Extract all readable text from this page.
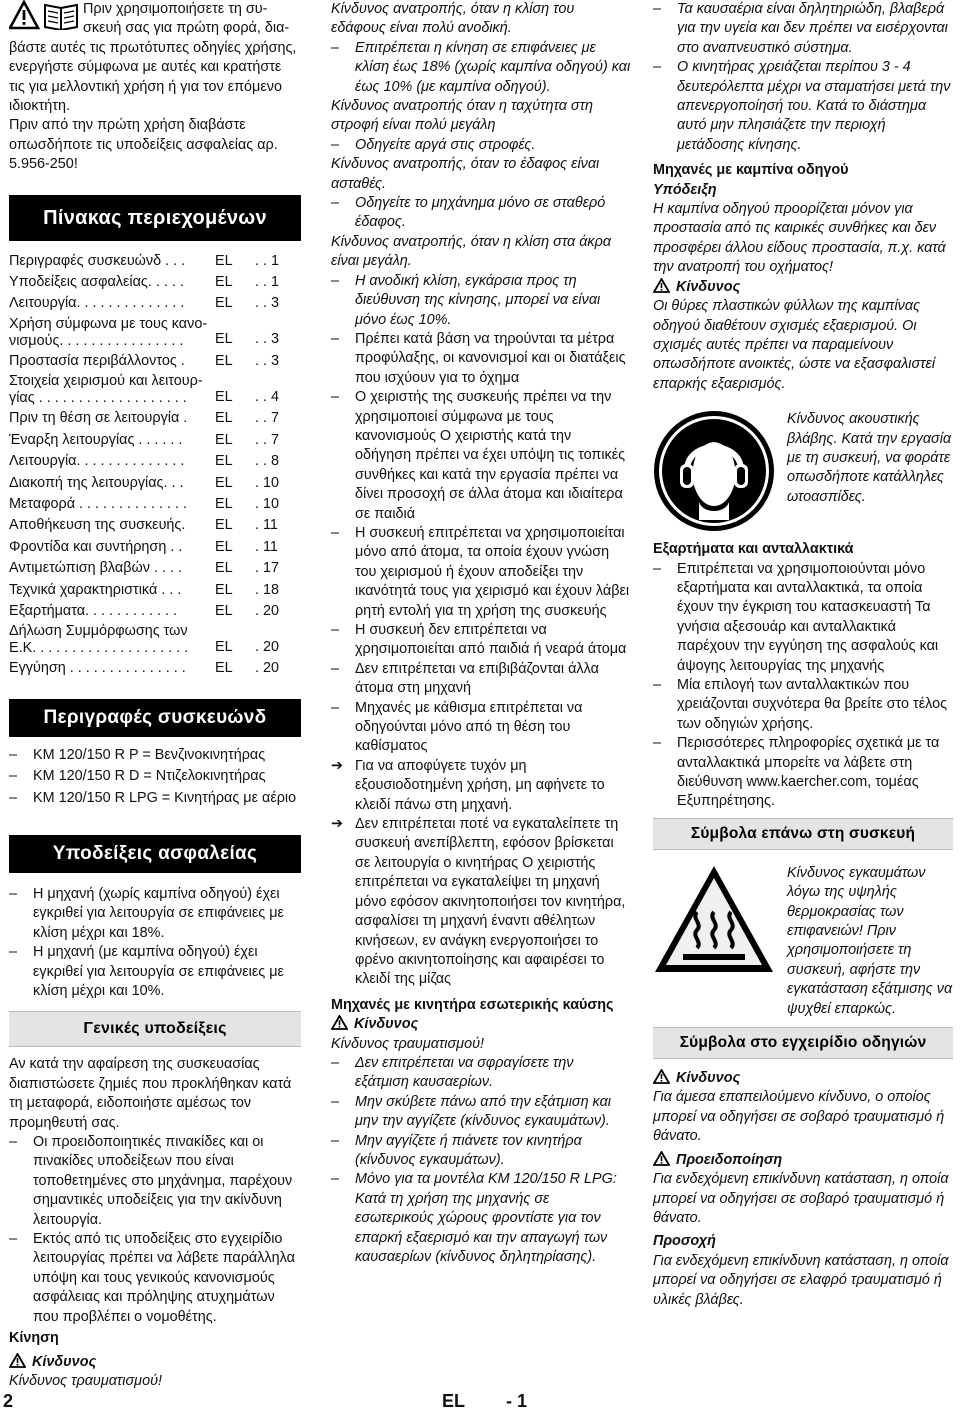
Πριν χρησιμοποιήσετε τη συ-

σκευή σας για πρώτη φορά, δια-

βάστε αυτές τις πρωτότυπες οδηγίες χρήσης, ενεργήστε σύμφωνα με αυτές και κρατήστε τις για μελλοντική χρήση ή για τον επόμενο ιδιοκτήτη.

Πριν από την πρώτη χρήση διαβάστε οπωσδήποτε τις υποδείξεις ασφαλείας αρ. 5.956-250!

Πίνακας περιεχομένων
Περιγραφές συσκευώνδ . . .	EL	. . 1
Υποδείξεις ασφαλείας. . . . .	EL	. . 1
Λειτουργία. . . . . . . . . . . . . .	EL	. . 3
Χρήση σύμφωνα με τους κανο-
νισμούς. . . . . . . . . . . . . . . .	EL	. . 3
Προστασία περιβάλλοντος .	EL	. . 3
Στοιχεία χειρισμού και λειτουρ-
γίας . . . . . . . . . . . . . . . . . . .	EL	. . 4
Πριν τη θέση σε λειτουργία .	EL	. . 7
Έναρξη λειτουργίας . . . . . .	EL	. . 7
Λειτουργία. . . . . . . . . . . . . .	EL	. . 8
Διακοπή της λειτουργίας. . .	EL	. 10
Μεταφορά . . . . . . . . . . . . . .	EL	. 10
Αποθήκευση της συσκευής.	EL	. 11
Φροντίδα και συντήρηση . .	EL	. 11
Αντιμετώπιση βλαβών . . . .	EL	. 17
Τεχνικά χαρακτηριστικά . . .	EL	. 18
Εξαρτήματα. . . . . . . . . . . .	EL	. 20
Δήλωση Συμμόρφωσης των
Ε.Κ. . . . . . . . . . . . . . . . . . . .	EL	. 20
Εγγύηση . . . . . . . . . . . . . . .	EL	. 20
Περιγραφές συσκευώνδ

– KM 120/150 R P = Βενζινοκινητήρας

– KM 120/150 R D = Ντιζελοκινητήρας

– KM 120/150 R LPG = Κινητήρας με αέριο

Υποδείξεις ασφαλείας

– Η μηχανή (χωρίς καμπίνα οδηγού) έχει εγκριθεί για λειτουργία σε επιφάνειες με κλίση μέχρι και 18%.

– Η μηχανή (με καμπίνα οδηγού) έχει εγκριθεί για λειτουργία σε επιφάνειες με κλίση μέχρι και 10%.

Γενικές υποδείξεις

Αν κατά την αφαίρεση της συσκευασίας διαπιστώσετε ζημιές που προκλήθηκαν κατά τη μεταφορά, ειδοποιήστε αμέσως τον προμηθευτή σας.

– Οι προειδοποιητικές πινακίδες και οι πινακίδες υποδείξεων που είναι τοποθετημένες στο μηχάνημα, παρέχουν σημαντικές υποδείξεις για την ακίνδυνη λειτουργία.

– Εκτός από τις υποδείξεις στο εγχειρίδιο λειτουργίας πρέπει να λάβετε παράλληλα υπόψη και τους γενικούς κανονισμούς ασφάλειας και πρόληψης ατυχημάτων που προβλέπει ο νομοθέτης.

Κίνηση

Κίνδυνος

Κίνδυνος τραυματισμού!

Κίνδυνος ανατροπής, όταν η κλίση του εδάφους είναι πολύ ανοδική.

– Επιτρέπεται η κίνηση σε επιφάνειες με κλίση έως 18% (χωρίς καμπίνα οδηγού) και έως 10% (με καμπίνα οδηγού).

Κίνδυνος ανατροπής όταν η ταχύτητα στη στροφή είναι πολύ μεγάλη

– Οδηγείτε αργά στις στροφές.

Κίνδυνος ανατροπής, όταν το έδαφος είναι ασταθές.

– Οδηγείτε το μηχάνημα μόνο σε σταθερό έδαφος.

Κίνδυνος ανατροπής, όταν η κλίση στα άκρα είναι μεγάλη.

– Η ανοδική κλίση, εγκάρσια προς τη διεύθυνση της κίνησης, μπορεί να είναι μόνο έως 10%.

– Πρέπει κατά βάση να τηρούνται τα μέτρα προφύλαξης, οι κανονισμοί και οι διατάξεις που ισχύουν για το όχημα

– Ο χειριστής της συσκευής πρέπει να την χρησιμοποιεί σύμφωνα με τους κανονισμούς Ο χειριστής κατά την οδήγηση πρέπει να έχει υπόψη τις τοπικές συνθήκες και κατά την εργασία πρέπει να δίνει προσοχή σε άλλα άτομα και ιδιαίτερα σε παιδιά

– Η συσκευή επιτρέπεται να χρησιμοποιείται μόνο από άτομα, τα οποία έχουν γνώση του χειρισμού ή έχουν αποδείξει την ικανότητά τους για χειρισμό και έχουν λάβει ρητή εντολή για τη χρήση της συσκευής

– Η συσκευή δεν επιτρέπεται να χρησιμοποιείται από παιδιά ή νεαρά άτομα

– Δεν επιτρέπεται να επιβιβάζονται άλλα άτομα στη μηχανή

– Μηχανές με κάθισμα επιτρέπεται να οδηγούνται μόνο από τη θέση του καθίσματος

➔ Για να αποφύγετε τυχόν μη εξουσιοδοτημένη χρήση, μη αφήνετε το κλειδί πάνω στη μηχανή.

➔ Δεν επιτρέπεται ποτέ να εγκαταλείπετε τη συσκευή ανεπίβλεπτη, εφόσον βρίσκεται σε λειτουργία ο κινητήρας Ο χειριστής επιτρέπεται να εγκαταλείψει τη μηχανή μόνο εφόσον ακινητοποιήσει τον κινητήρα, ασφαλίσει τη μηχανή έναντι αθέλητων κινήσεων, εν ανάγκη ενεργοποιήσει το φρένο ακινητοποίησης και αφαιρέσει το κλειδί της μίζας

Μηχανές με κινητήρα εσωτερικής καύσης

Κίνδυνος

Κίνδυνος τραυματισμού!

– Δεν επιτρέπεται να σφραγίσετε την εξάτμιση καυσαερίων.

– Μην σκύβετε πάνω από την εξάτμιση και μην την αγγίζετε (κίνδυνος εγκαυμάτων).

– Μην αγγίζετε ή πιάνετε τον κινητήρα (κίνδυνος εγκαυμάτων).

– Μόνο για τα μοντέλα KM 120/150 R LPG: Κατά τη χρήση της μηχανής σε εσωτερικούς χώρους φροντίστε για τον επαρκή εξαερισμό και την απαγωγή των καυσαερίων (κίνδυνος δηλητηρίασης).

– Τα καυσαέρια είναι δηλητηριώδη, βλαβερά για την υγεία και δεν πρέπει να εισέρχονται στο αναπνευστικό σύστημα.

– Ο κινητήρας χρειάζεται περίπου 3 - 4 δευτερόλεπτα μέχρι να σταματήσει μετά την απενεργοποίησή του. Κατά το διάστημα αυτό μην πλησιάζετε την περιοχή μετάδοσης κίνησης.

Μηχανές με καμπίνα οδηγού

Υπόδειξη

Η καμπίνα οδηγού προορίζεται μόνον για προστασία από τις καιρικές συνθήκες και δεν προσφέρει άλλου είδους προστασία, π.χ. κατά την ανατροπή του οχήματος!

Κίνδυνος

Οι θύρες πλαστικών φύλλων της καμπίνας οδηγού διαθέτουν σχισμές εξαερισμού. Οι σχισμές αυτές πρέπει να παραμείνουν οπωσδήποτε ανοικτές, ώστε να εξασφαλιστεί επαρκής εξαερισμός.

Κίνδυνος ακουστικής βλάβης. Κατά την εργασία με τη συσκευή, να φοράτε οπωσδήποτε κατάλληλες ωτοασπίδες.

Εξαρτήματα και ανταλλακτικά

– Επιτρέπεται να χρησιμοποιούνται μόνο εξαρτήματα και ανταλλακτικά, τα οποία έχουν την έγκριση του κατασκευαστή Τα γνήσια αξεσουάρ και ανταλλακτικά παρέχουν την εγγύηση της ασφαλούς και άψογης λειτουργίας της μηχανής

– Μία επιλογή των ανταλλακτικών που χρειάζονται συχνότερα θα βρείτε στο τέλος των οδηγιών χρήσης.

– Περισσότερες πληροφορίες σχετικά με τα ανταλλακτικά μπορείτε να λάβετε στη διεύθυνση www.kaercher.com, τομέας Εξυπηρέτησης.

Σύμβολα επάνω στη συσκευή

Κίνδυνος εγκαυμάτων λόγω της υψηλής θερμοκρασίας των επιφανειών! Πριν χρησιμοποιήσετε τη συσκευή, αφήστε την εγκατάσταση εξάτμισης να ψυχθεί επαρκώς.

Σύμβολα στο εγχειρίδιο οδηγιών

Κίνδυνος

Για άμεσα επαπειλούμενο κίνδυνο, ο οποίος μπορεί να οδηγήσει σε σοβαρό τραυματισμό ή θάνατο.

Προειδοποίηση

Για ενδεχόμενη επικίνδυνη κατάσταση, η οποία μπορεί να οδηγήσει σε σοβαρό τραυματισμό ή θάνατο.

Προσοχή

Για ενδεχόμενη επικίνδυνη κατάσταση, η οποία μπορεί να οδηγήσει σε ελαφρό τραυματισμό ή υλικές βλάβες.

2	EL - 1
